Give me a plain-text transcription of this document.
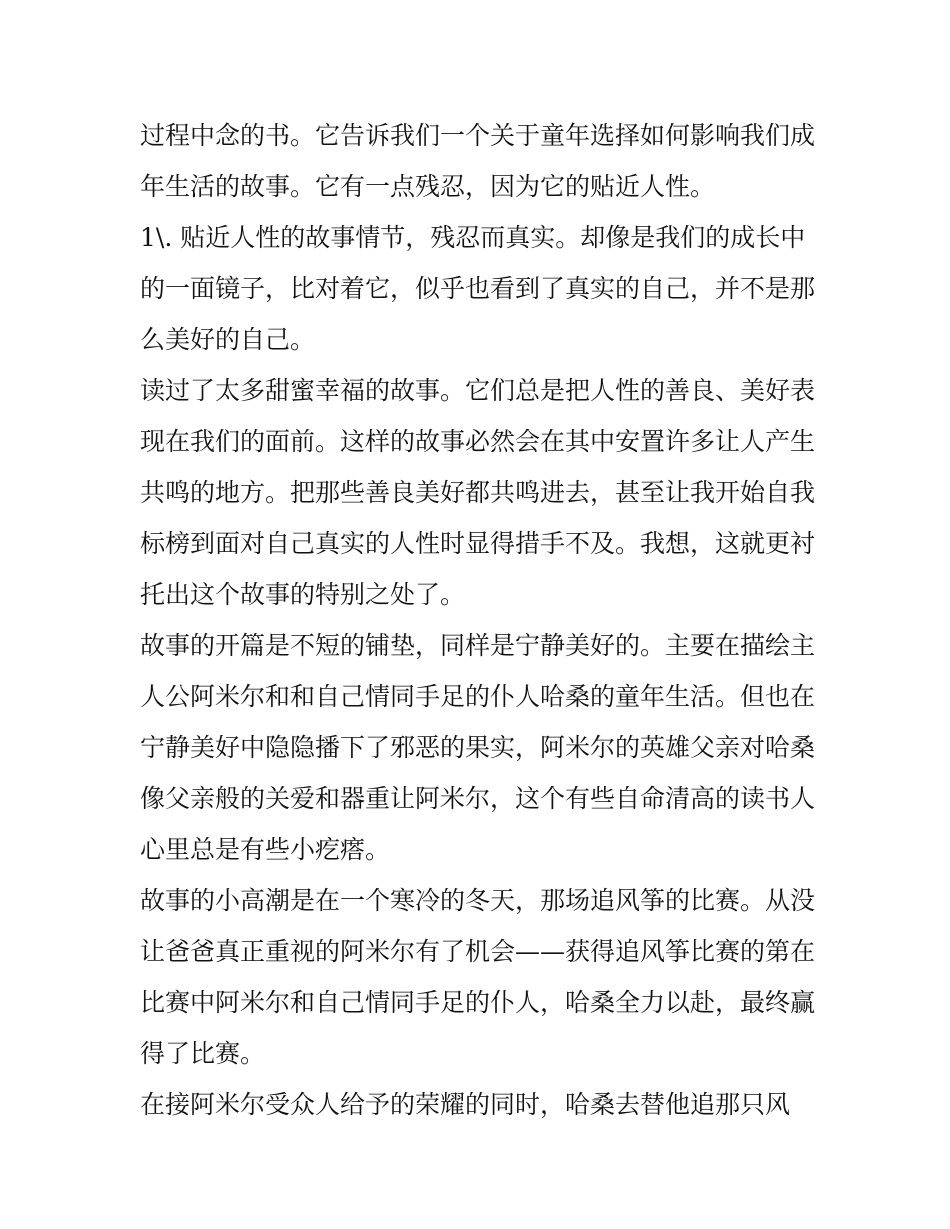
过程中念的书。它告诉我们一个关于童年选择如何影响我们成
年生活的故事。它有一点残忍，因为它的贴近人性。
1\. 贴近人性的故事情节，残忍而真实。却像是我们的成长中
的一面镜子，比对着它，似乎也看到了真实的自己，并不是那
么美好的自己。
读过了太多甜蜜幸福的故事。它们总是把人性的善良、美好表
现在我们的面前。这样的故事必然会在其中安置许多让人产生
共鸣的地方。把那些善良美好都共鸣进去，甚至让我开始自我
标榜到面对自己真实的人性时显得措手不及。我想，这就更衬
托出这个故事的特别之处了。
故事的开篇是不短的铺垫，同样是宁静美好的。主要在描绘主
人公阿米尔和和自己情同手足的仆人哈桑的童年生活。但也在
宁静美好中隐隐播下了邪恶的果实，阿米尔的英雄父亲对哈桑
像父亲般的关爱和器重让阿米尔，这个有些自命清高的读书人
心里总是有些小疙瘩。
故事的小高潮是在一个寒冷的冬天，那场追风筝的比赛。从没
让爸爸真正重视的阿米尔有了机会——获得追风筝比赛的第在
比赛中阿米尔和自己情同手足的仆人，哈桑全力以赴，最终赢
得了比赛。
在接阿米尔受众人给予的荣耀的同时，哈桑去替他追那只风
